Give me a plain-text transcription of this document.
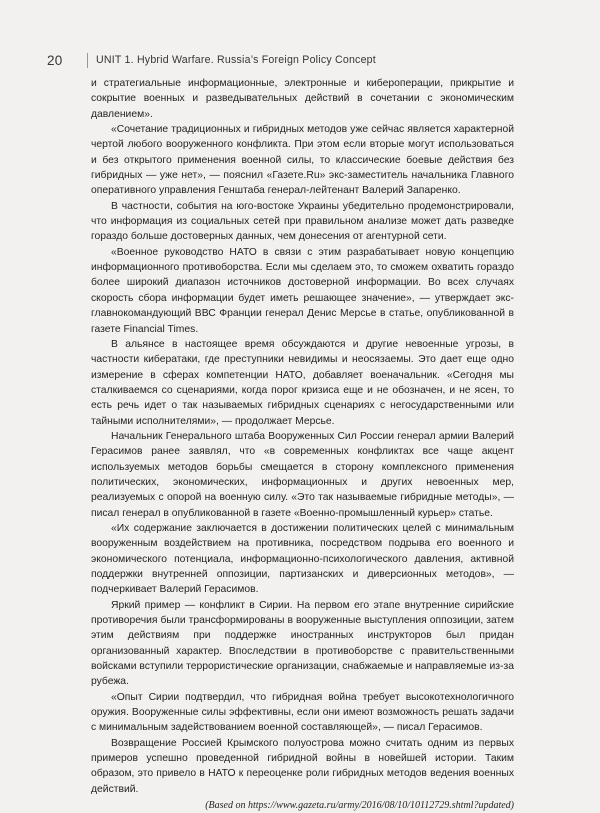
20	UNIT 1. Hybrid Warfare. Russia’s Foreign Policy Concept

и стратегиальные информационные, электронные и кибероперации, прикрытие и сокрытие военных и разведывательных действий в сочетании с экономическим давлением».

«Сочетание традиционных и гибридных методов уже сейчас является характерной чертой любого вооруженного конфликта. При этом если вторые могут использоваться и без открытого применения военной силы, то классические боевые действия без гибридных — уже нет», — пояснил «Газете.Ru» экс-заместитель начальника Главного оперативного управления Генштаба генерал-лейтенант Валерий Запаренко.

В частности, события на юго-востоке Украины убедительно продемонстрировали, что информация из социальных сетей при правильном анализе может дать разведке гораздо больше достоверных данных, чем донесения от агентурной сети.

«Военное руководство НАТО в связи с этим разрабатывает новую концепцию информационного противоборства. Если мы сделаем это, то сможем охватить гораздо более широкий диапазон источников достоверной информации. Во всех случаях скорость сбора информации будет иметь решающее значение», — утверждает экс-главнокомандующий ВВС Франции генерал Денис Мерсье в статье, опубликованной в газете Financial Times.

В альянсе в настоящее время обсуждаются и другие невоенные угрозы, в частности кибератаки, где преступники невидимы и неосязаемы. Это дает еще одно измерение в сферах компетенции НАТО, добавляет военачальник. «Сегодня мы сталкиваемся со сценариями, когда порог кризиса еще и не обозначен, и не ясен, то есть речь идет о так называемых гибридных сценариях с негосударственными или тайными исполнителями», — продолжает Мерсье.

Начальник Генерального штаба Вооруженных Сил России генерал армии Валерий Герасимов ранее заявлял, что «в современных конфликтах все чаще акцент используемых методов борьбы смещается в сторону комплексного применения политических, экономических, информационных и других невоенных мер, реализуемых с опорой на военную силу. «Это так называемые гибридные методы», — писал генерал в опубликованной в газете «Военно-промышленный курьер» статье.

«Их содержание заключается в достижении политических целей с минимальным вооруженным воздействием на противника, посредством подрыва его военного и экономического потенциала, информационно-психологического давления, активной поддержки внутренней оппозиции, партизанских и диверсионных методов», — подчеркивает Валерий Герасимов.

Яркий пример — конфликт в Сирии. На первом его этапе внутренние сирийские противоречия были трансформированы в вооруженные выступления оппозиции, затем этим действиям при поддержке иностранных инструкторов был придан организованный характер. Впоследствии в противоборстве с правительственными войсками вступили террористические организации, снабжаемые и направляемые из-за рубежа.

«Опыт Сирии подтвердил, что гибридная война требует высокотехнологичного оружия. Вооруженные силы эффективны, если они имеют возможность решать задачи с минимальным задействованием военной составляющей», — писал Герасимов.

Возвращение Россией Крымского полуострова можно считать одним из первых примеров успешно проведенной гибридной войны в новейшей истории. Таким образом, это привело в НАТО к переоценке роли гибридных методов ведения военных действий.

(Based on https://www.gazeta.ru/army/2016/08/10/10112729.shtml?updated)
